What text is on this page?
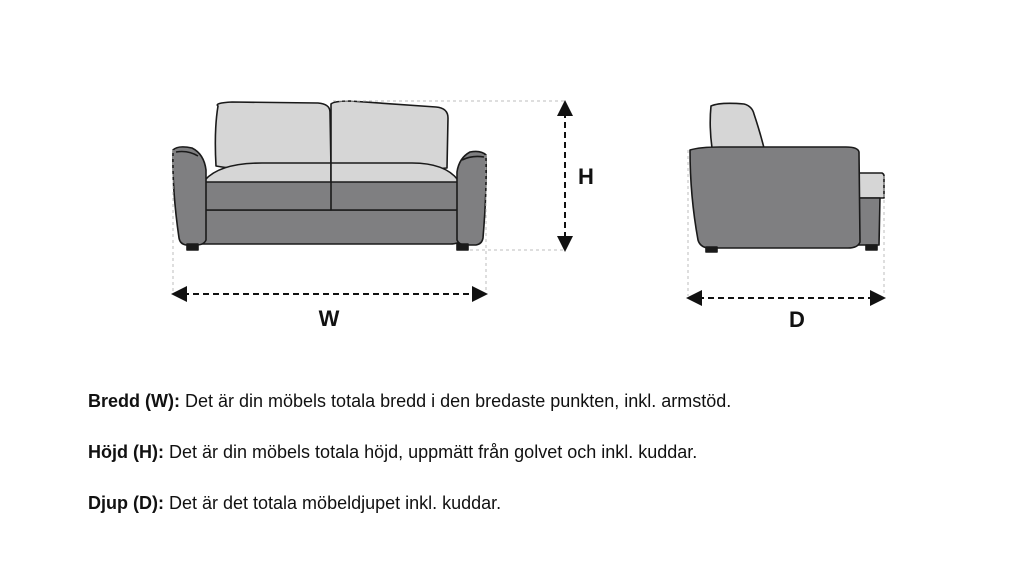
W
H
D
Bredd (W): Det är din möbels totala bredd i den bredaste punkten, inkl. armstöd.
Höjd (H): Det är din möbels totala höjd, uppmätt från golvet och inkl. kuddar.
Djup (D): Det är det totala möbeldjupet inkl. kuddar.
